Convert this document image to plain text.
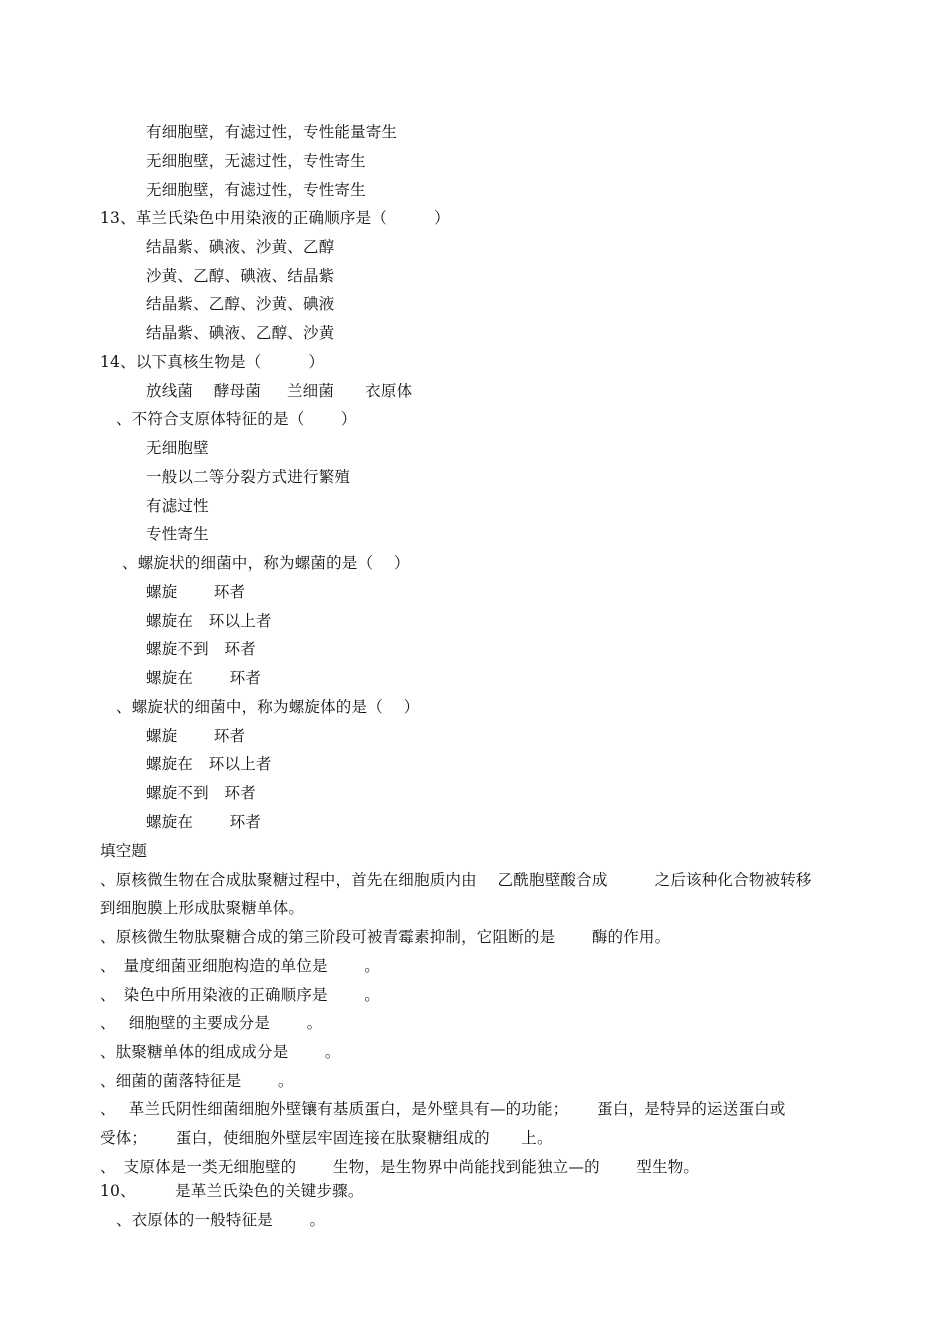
有细胞壁，有滤过性，专性能量寄生
无细胞壁，无滤过性，专性寄生
无细胞壁，有滤过性，专性寄生
13、革兰氏染色中用染液的正确顺序是（　　　）
结晶紫、碘液、沙黄、乙醇
沙黄、乙醇、碘液、结晶紫
结晶紫、乙醇、沙黄、碘液
结晶紫、碘液、乙醇、沙黄
14、以下真核生物是（　　　）
放线菌　 酵母菌　  兰细菌　   衣原体
、不符合支原体特征的是（　　 ）
无细胞壁
一般以二等分裂方式进行繁殖
有滤过性
专性寄生
、螺旋状的细菌中，称为螺菌的是（　 ）
螺旋　　 环者
螺旋在　环以上者
螺旋不到　环者
螺旋在　　 环者
、螺旋状的细菌中，称为螺旋体的是（　 ）
螺旋　　 环者
螺旋在　环以上者
螺旋不到　环者
螺旋在　　 环者
填空题
、原核微生物在合成肽聚糖过程中，首先在细胞质内由　 乙酰胞壁酸合成　　　之后该种化合物被转移
到细胞膜上形成肽聚糖单体。
、原核微生物肽聚糖合成的第三阶段可被青霉素抑制，它阻断的是　　 酶的作用。
、　量度细菌亚细胞构造的单位是　　 。
、　染色中所用染液的正确顺序是　　 。
、　 细胞壁的主要成分是　　 。
、肽聚糖单体的组成成分是　　 。
、细菌的菌落特征是　　 。
、　 革兰氏阴性细菌细胞外壁镶有基质蛋白，是外壁具有—的功能；　　 蛋白，是特异的运送蛋白或
受体；　　 蛋白，使细胞外壁层牢固连接在肽聚糖组成的　　上。
、　支原体是一类无细胞壁的　　 生物，是生物界中尚能找到能独立—的　　 型生物。
10、　　　是革兰氏染色的关键步骤。
、衣原体的一般特征是　　 。
